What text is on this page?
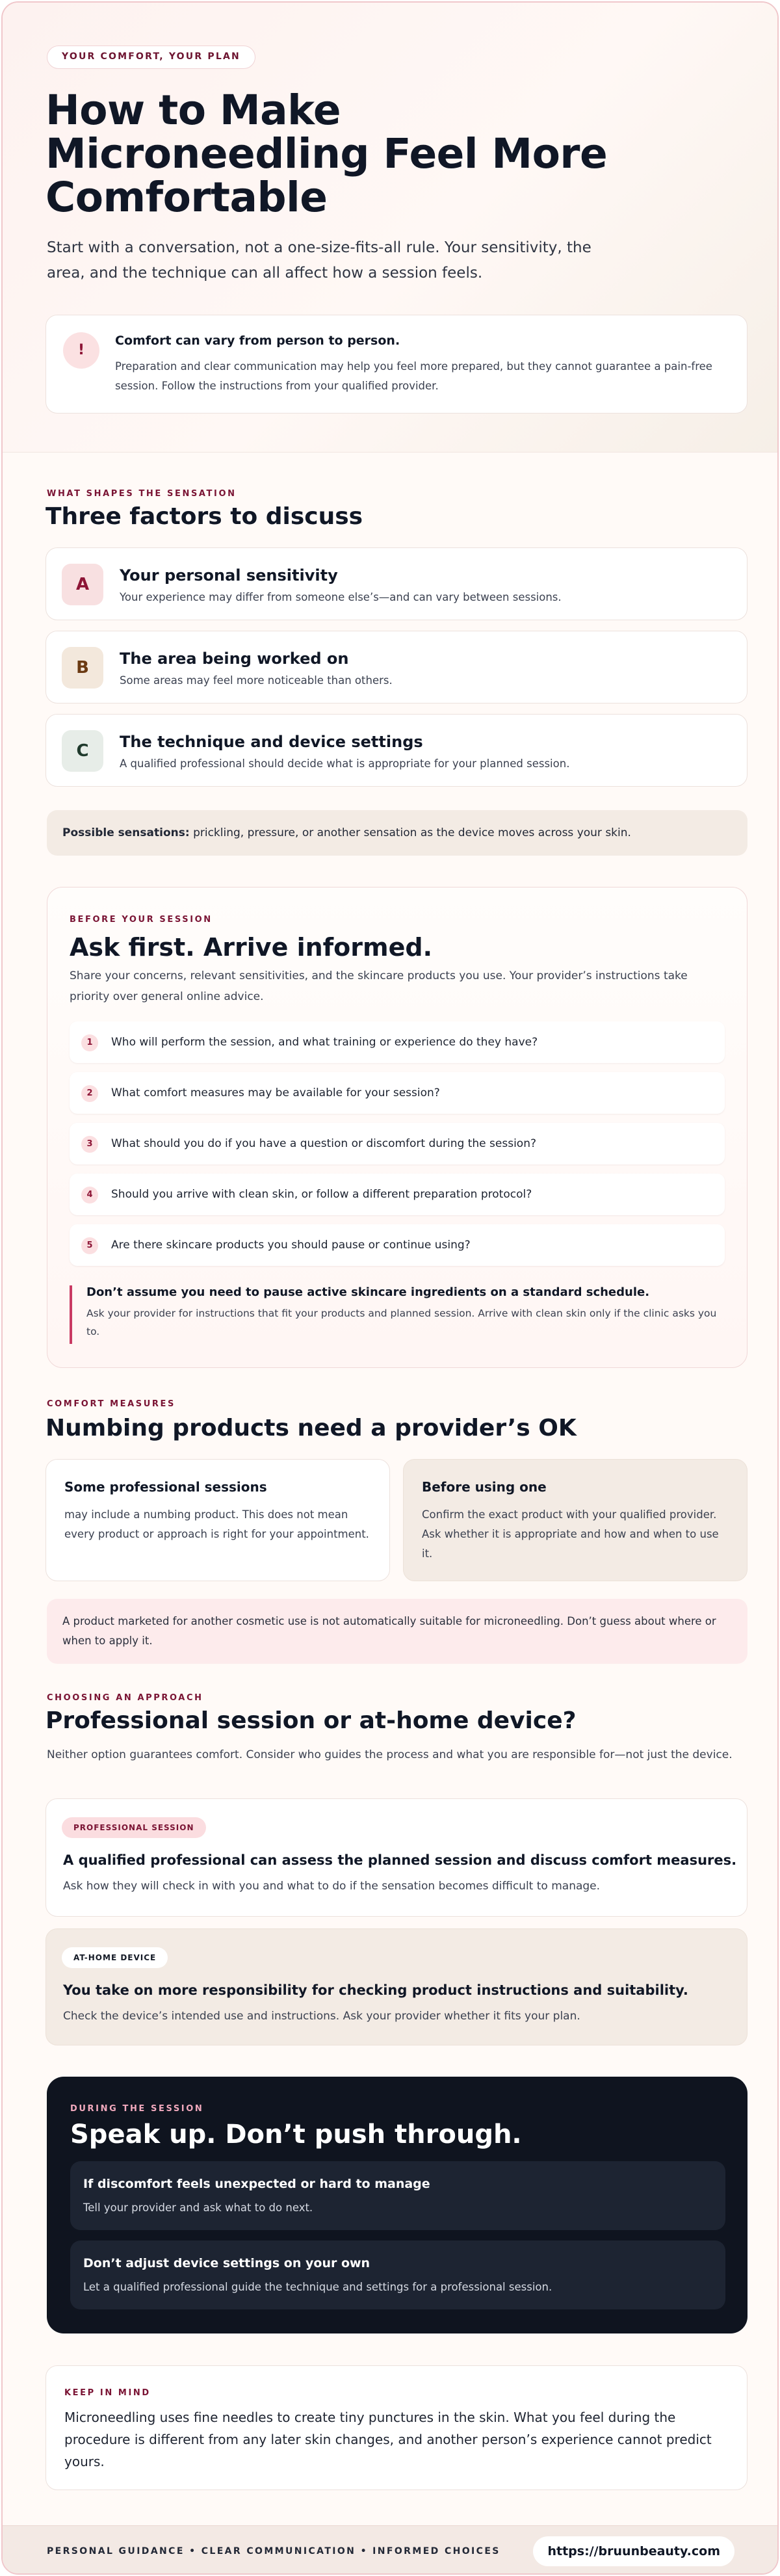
YOUR COMFORT, YOUR PLAN
How to Make
Microneedling Feel More
Comfortable

Start with a conversation, not a one-size-fits-all rule. Your sensitivity, the area, and the technique can all affect how a session feels.

!
Comfort can vary from person to person.
Preparation and clear communication may help you feel more prepared, but they cannot guarantee a pain-free session. Follow the instructions from your qualified provider.
WHAT SHAPES THE SENSATION
Three factors to discuss
A	Your personal sensitivity
Your experience may differ from someone else’s—and can vary between sessions.
B	The area being worked on
Some areas may feel more noticeable than others.
C	The technique and device settings
A qualified professional should decide what is appropriate for your planned session.
Possible sensations: prickling, pressure, or another sensation as the device moves across your skin.
BEFORE YOUR SESSION
Ask first. Arrive informed.

Share your concerns, relevant sensitivities, and the skincare products you use. Your provider’s instructions take priority over general online advice.

1	Who will perform the session, and what training or experience do they have?
2	What comfort measures may be available for your session?
3	What should you do if you have a question or discomfort during the session?
4	Should you arrive with clean skin, or follow a different preparation protocol?
5	Are there skincare products you should pause or continue using?
Don’t assume you need to pause active skincare ingredients on a standard schedule.
Ask your provider for instructions that fit your products and planned session. Arrive with clean skin only if the clinic asks you to.
COMFORT MEASURES
Numbing products need a provider’s OK
Some professional sessions
may include a numbing product. This does not mean every product or approach is right for your appointment.
Before using one
Confirm the exact product with your qualified provider. Ask whether it is appropriate and how and when to use it.
A product marketed for another cosmetic use is not automatically suitable for microneedling. Don’t guess about where or when to apply it.
CHOOSING AN APPROACH
Professional session or at-home device?

Neither option guarantees comfort. Consider who guides the process and what you are responsible for—not just the device.

PROFESSIONAL SESSION
A qualified professional can assess the planned session and discuss comfort measures.
Ask how they will check in with you and what to do if the sensation becomes difficult to manage.
AT-HOME DEVICE
You take on more responsibility for checking product instructions and suitability.
Check the device’s intended use and instructions. Ask your provider whether it fits your plan.
DURING THE SESSION
Speak up. Don’t push through.
If discomfort feels unexpected or hard to manage
Tell your provider and ask what to do next.
Don’t adjust device settings on your own
Let a qualified professional guide the technique and settings for a professional session.
KEEP IN MIND

Microneedling uses fine needles to create tiny punctures in the skin. What you feel during the procedure is different from any later skin changes, and another person’s experience cannot predict yours.

PERSONAL GUIDANCE • CLEAR COMMUNICATION • INFORMED CHOICES	https://bruunbeauty.com
